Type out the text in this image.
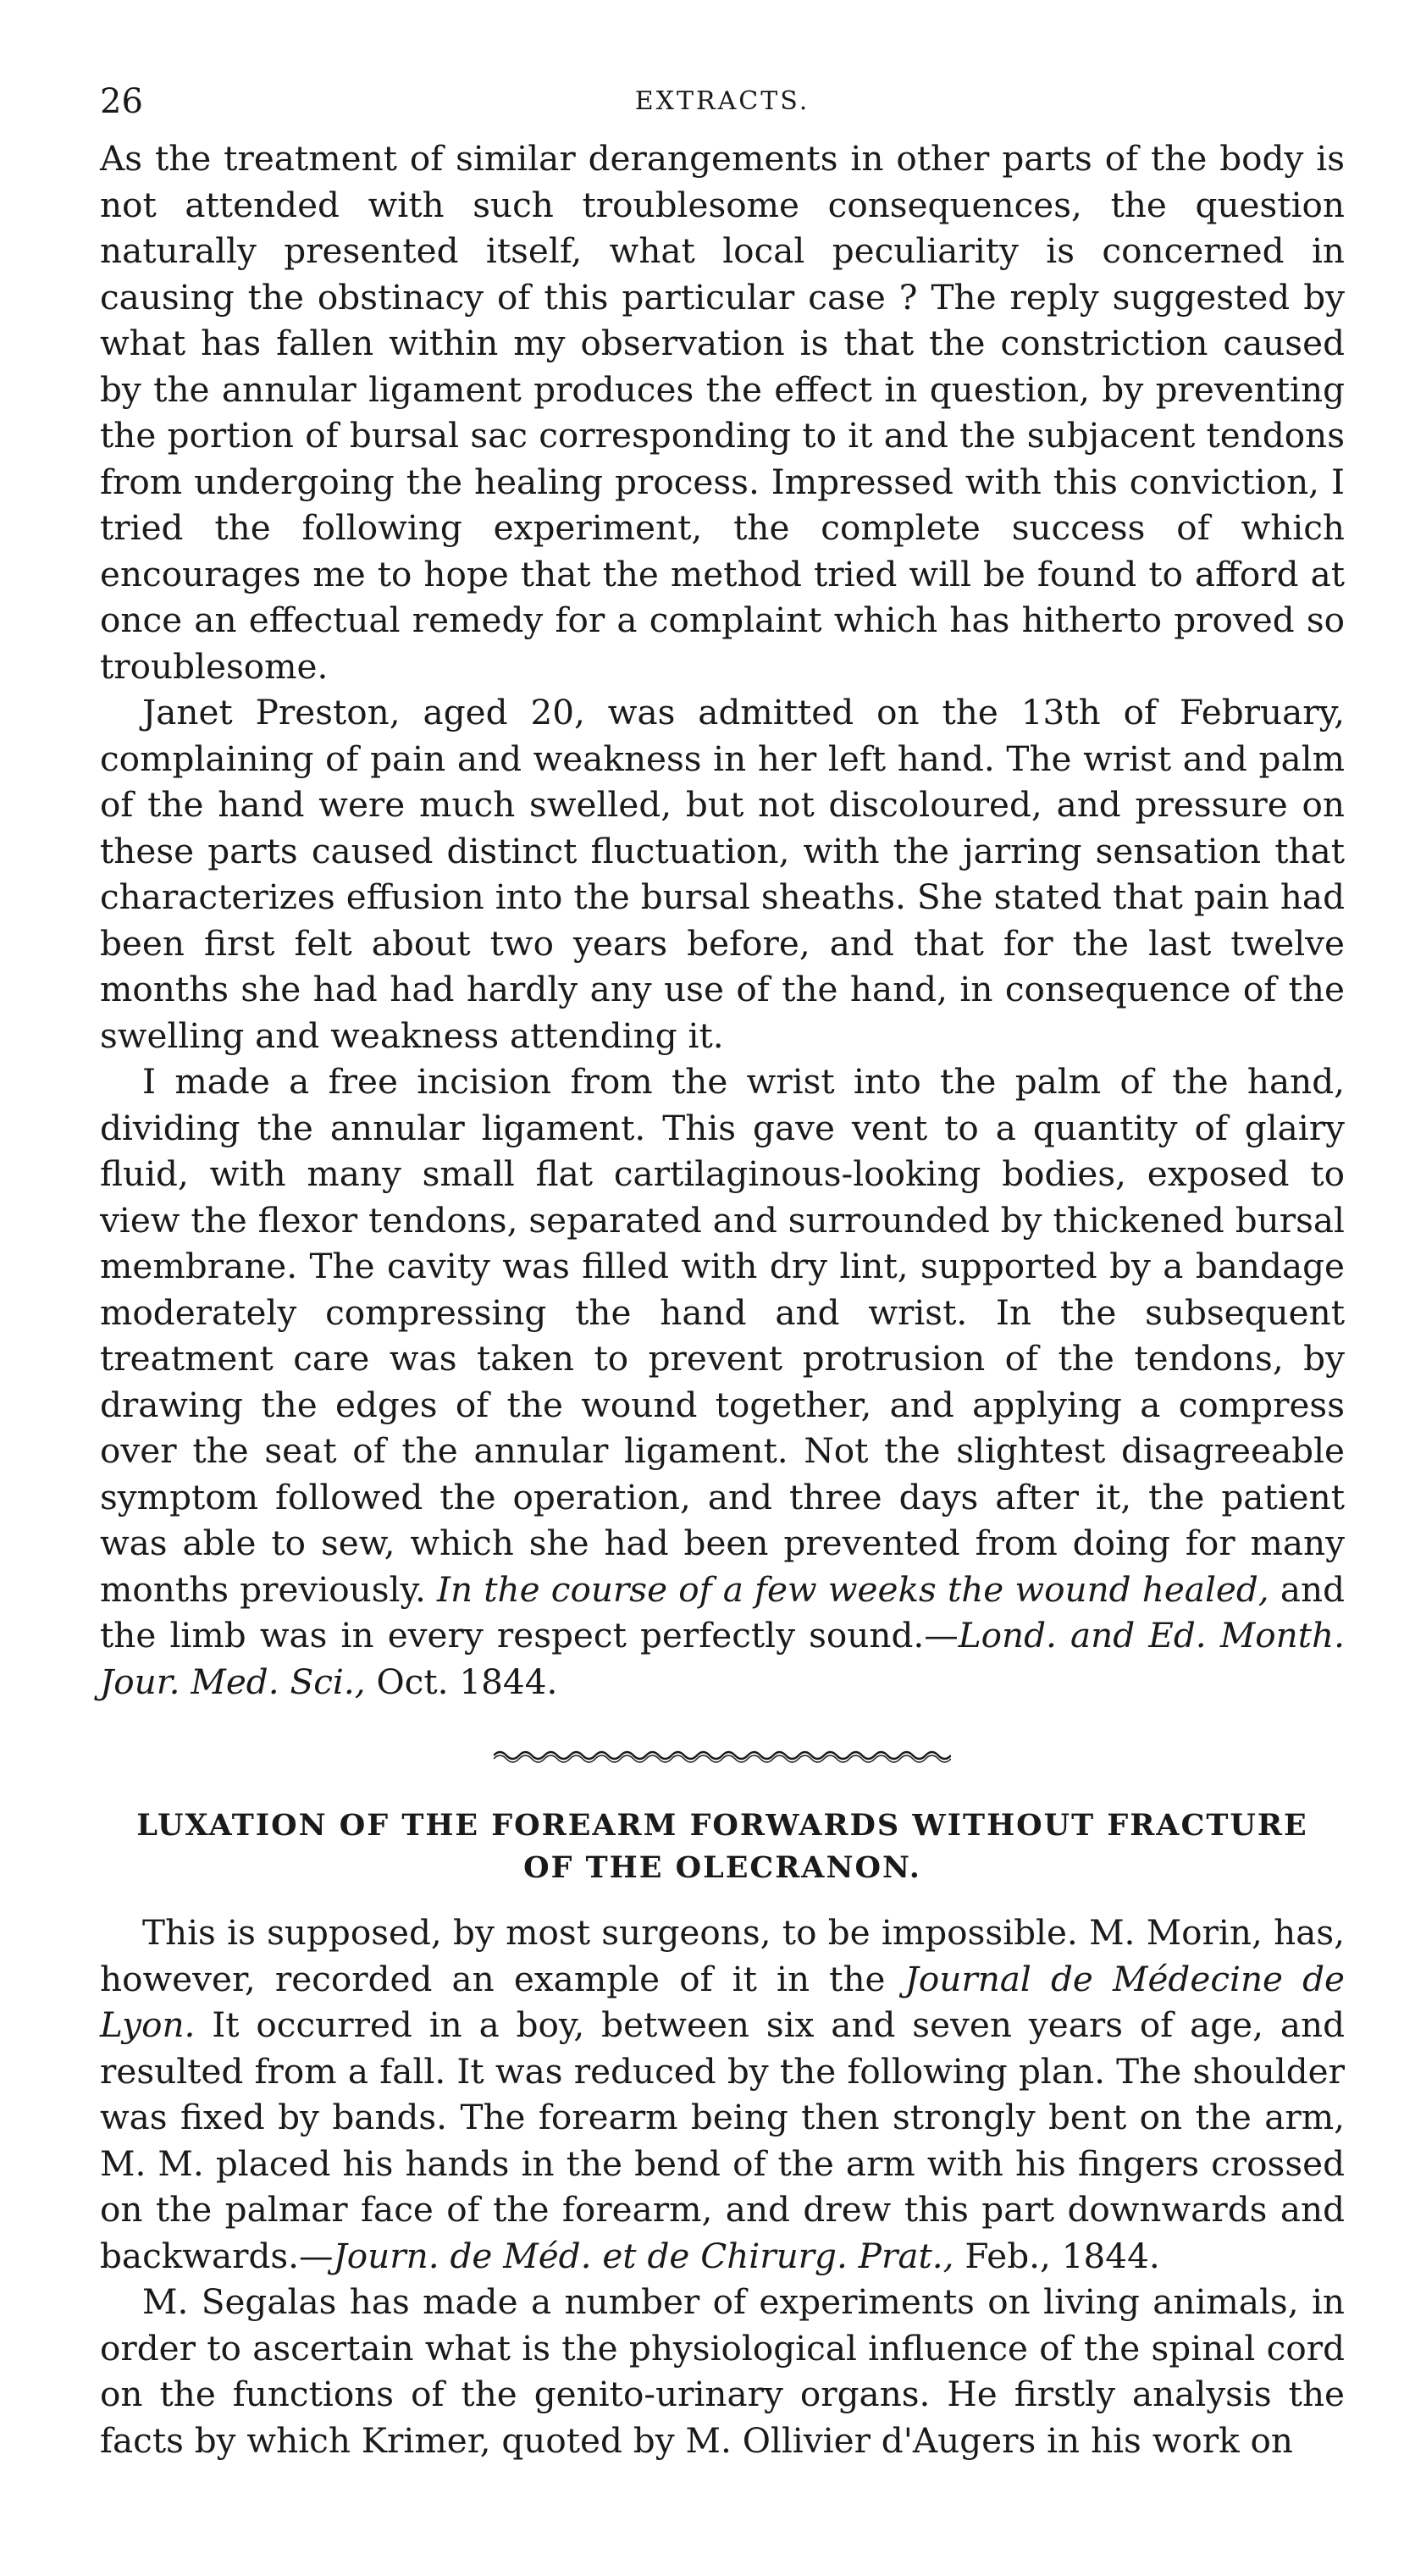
26	EXTRACTS.

As the treatment of similar derangements in other parts of the body is not attended with such troublesome consequences, the question naturally presented itself, what local peculiarity is concerned in causing the obstinacy of this particular case ? The reply suggested by what has fallen within my observation is that the constriction caused by the annular ligament produces the effect in question, by preventing the portion of bursal sac corresponding to it and the subjacent tendons from undergoing the healing process. Impressed with this conviction, I tried the following experiment, the complete success of which encourages me to hope that the method tried will be found to afford at once an effectual remedy for a complaint which has hitherto proved so troublesome.

Janet Preston, aged 20, was admitted on the 13th of February, complaining of pain and weakness in her left hand. The wrist and palm of the hand were much swelled, but not discoloured, and pressure on these parts caused distinct fluctuation, with the jarring sensation that characterizes effusion into the bursal sheaths. She stated that pain had been first felt about two years before, and that for the last twelve months she had had hardly any use of the hand, in consequence of the swelling and weakness attending it.

I made a free incision from the wrist into the palm of the hand, dividing the annular ligament. This gave vent to a quantity of glairy fluid, with many small flat cartilaginous-looking bodies, exposed to view the flexor tendons, separated and surrounded by thickened bursal membrane. The cavity was filled with dry lint, supported by a bandage moderately compressing the hand and wrist. In the subsequent treatment care was taken to prevent protrusion of the tendons, by drawing the edges of the wound together, and applying a compress over the seat of the annular ligament. Not the slightest disagreeable symptom followed the operation, and three days after it, the patient was able to sew, which she had been prevented from doing for many months previously. In the course of a few weeks the wound healed, and the limb was in every respect perfectly sound.—Lond. and Ed. Month. Jour. Med. Sci., Oct. 1844.

LUXATION OF THE FOREARM FORWARDS WITHOUT FRACTURE OF THE OLECRANON.

This is supposed, by most surgeons, to be impossible. M. Morin, has, however, recorded an example of it in the Journal de Médecine de Lyon. It occurred in a boy, between six and seven years of age, and resulted from a fall. It was reduced by the following plan. The shoulder was fixed by bands. The forearm being then strongly bent on the arm, M. M. placed his hands in the bend of the arm with his fingers crossed on the palmar face of the forearm, and drew this part downwards and backwards.—Journ. de Méd. et de Chirurg. Prat., Feb., 1844.

M. Segalas has made a number of experiments on living animals, in order to ascertain what is the physiological influence of the spinal cord on the functions of the genito-urinary organs. He firstly analysis the facts by which Krimer, quoted by M. Ollivier d'Augers in his work on
